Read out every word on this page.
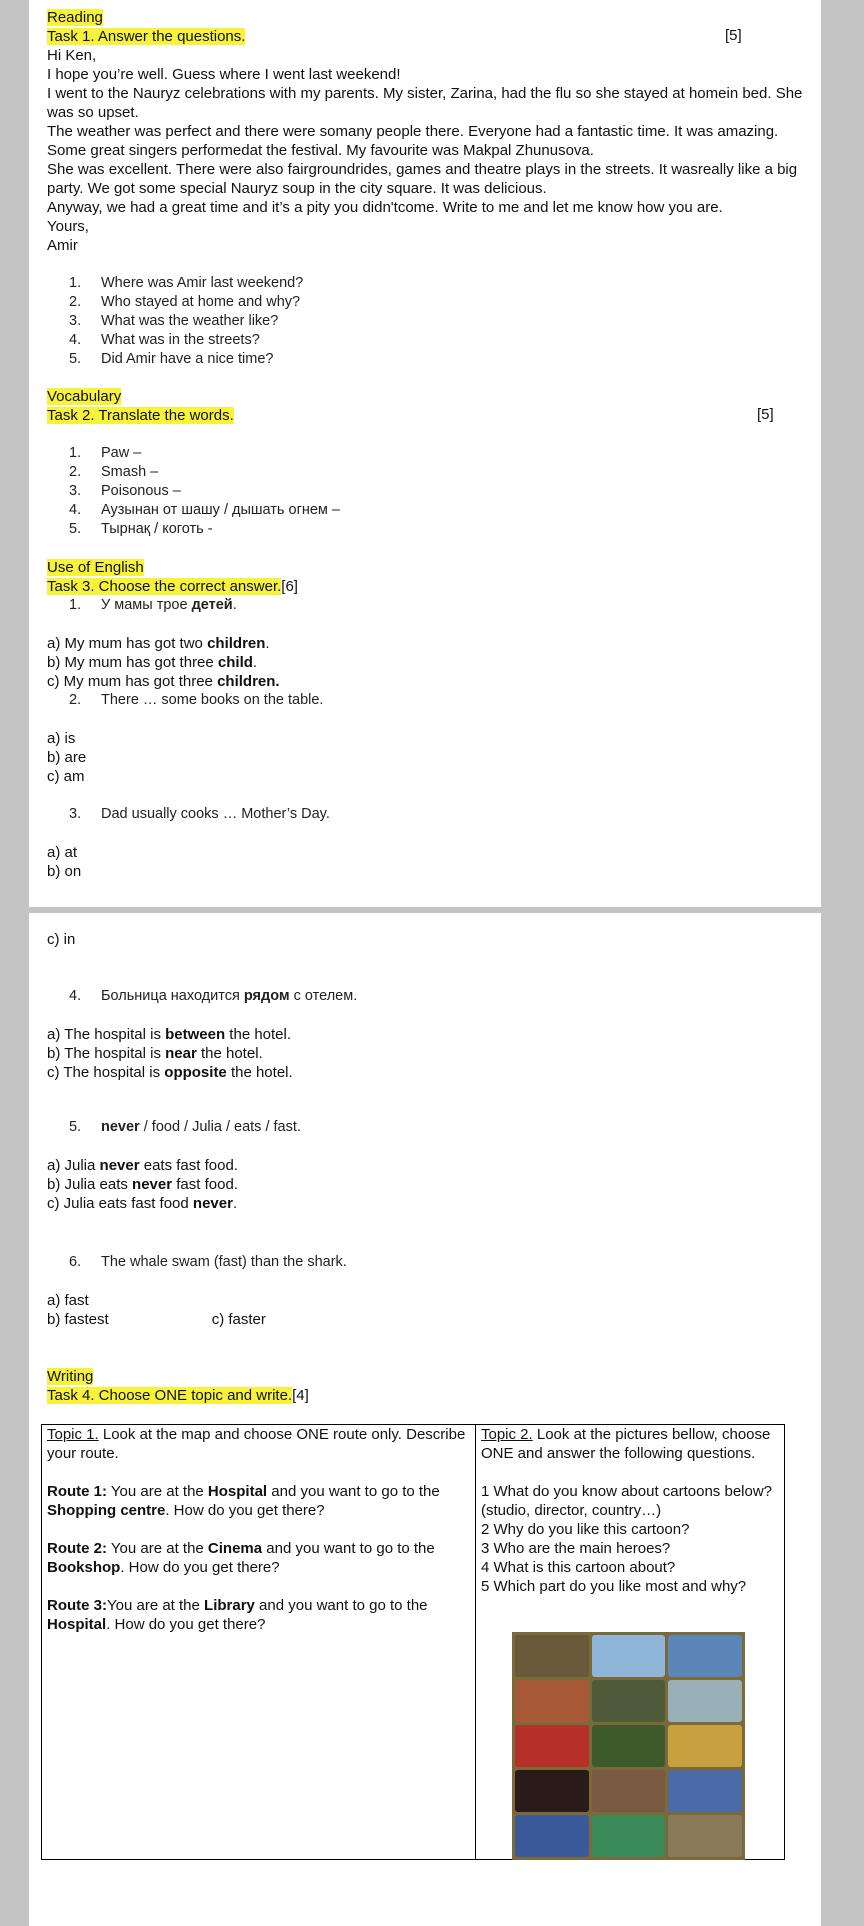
Reading
Task 1. Answer the questions.	[5]

Hi Ken,

I hope you’re well. Guess where I went last weekend!

I went to the Nauryz celebrations with my parents. My sister, Zarina, had the flu so she stayed at homein bed. She was so upset.

The weather was perfect and there were somany people there. Everyone had a fantastic time. It was amazing. Some great singers performedat the festival. My favourite was Makpal Zhunusova.

She was excellent. There were also fairgroundrides, games and theatre plays in the streets. It wasreally like a big party. We got some special Nauryz soup in the city square. It was delicious.

Anyway, we had a great time and it’s a pity you didn'tcome. Write to me and let me know how you are.

Yours,

Amir

1. Where was Amir last weekend?
2. Who stayed at home and why?
3. What was the weather like?
4. What was in the streets?
5. Did Amir have a nice time?
Vocabulary
Task 2. Translate the words.	[5]
1. Paw –
2. Smash –
3. Poisonous –
4. Аузынан от шашу / дышать огнем –
5. Тырнақ / коготь -
Use of English
Task 3. Choose the correct answer.[6]
1. У мамы трое детей.
a) My mum has got two children.
b) My mum has got three child.
c) My mum has got three children.
2. There … some books on the table.
a) is
b) are
c) am
3. Dad usually cooks … Mother’s Day.
a) at
b) on
c) in
4. Больница находится рядом с отелем.
a) The hospital is between the hotel.
b) The hospital is near the hotel.
c) The hospital is opposite the hotel.
5. never / food / Julia / eats / fast.
a) Julia never eats fast food.
b) Julia eats never fast food.
c) Julia eats fast food never.
6. The whale swam (fast) than the shark.
a) fast
b) fastest	c) faster
Writing
Task 4. Choose ONE topic and write.[4]

Topic 1. Look at the map and choose ONE route only. Describe your route.

Route 1: You are at the Hospital and you want to go to the Shopping centre. How do you get there?

Route 2: You are at the Cinema and you want to go to the Bookshop. How do you get there?

Route 3:You are at the Library and you want to go to the Hospital. How do you get there?

Topic 2. Look at the pictures bellow, choose ONE and answer the following questions.

1 What do you know about cartoons below? (studio, director, country…)

2 Why do you like this cartoon?

3 Who are the main heroes?

4 What is this cartoon about?

5 Which part do you like most and why?
